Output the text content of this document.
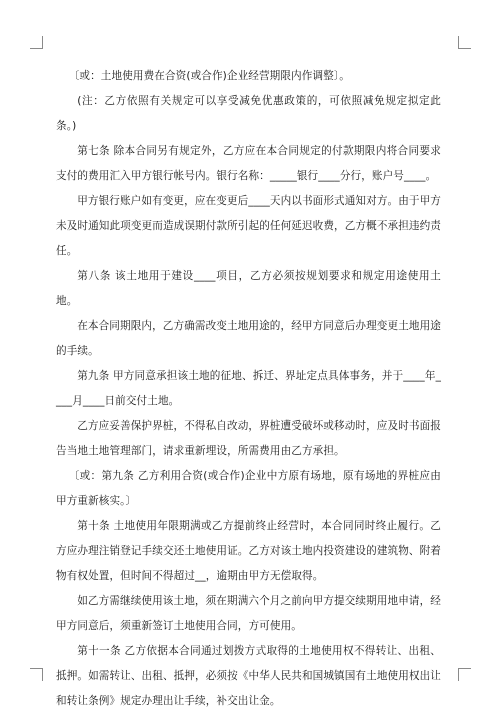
〔或：土地使用费在合资(或合作)企业经营期限内作调整〕。

(注：乙方依照有关规定可以享受减免优惠政策的，可依照减免规定拟定此条。)

第七条 除本合同另有规定外，乙方应在本合同规定的付款期限内将合同要求支付的费用汇入甲方银行帐号内。银行名称：_____银行____分行，账户号____。

甲方银行账户如有变更，应在变更后____天内以书面形式通知对方。由于甲方未及时通知此项变更而造成误期付款所引起的任何延迟收费，乙方概不承担违约责任。

第八条 该土地用于建设____项目，乙方必须按规划要求和规定用途使用土地。

在本合同期限内，乙方确需改变土地用途的，经甲方同意后办理变更土地用途的手续。

第九条 甲方同意承担该土地的征地、拆迁、界址定点具体事务，并于____年____月____日前交付土地。

乙方应妥善保护界桩，不得私自改动，界桩遭受破坏或移动时，应及时书面报告当地土地管理部门，请求重新埋设，所需费用由乙方承担。

〔或：第九条 乙方利用合资(或合作)企业中方原有场地，原有场地的界桩应由甲方重新核实。〕

第十条 土地使用年限期满或乙方提前终止经营时，本合同同时终止履行。乙方应办理注销登记手续交还土地使用证。乙方对该土地内投资建设的建筑物、附着物有权处置，但时间不得超过__，逾期由甲方无偿取得。

如乙方需继续使用该土地，须在期满六个月之前向甲方提交续期用地申请，经甲方同意后，须重新签订土地使用合同，方可使用。

第十一条 乙方依据本合同通过划拨方式取得的土地使用权不得转让、出租、抵押。如需转让、出租、抵押，必须按《中华人民共和国城镇国有土地使用权出让和转让条例》规定办理出让手续，补交出让金。
